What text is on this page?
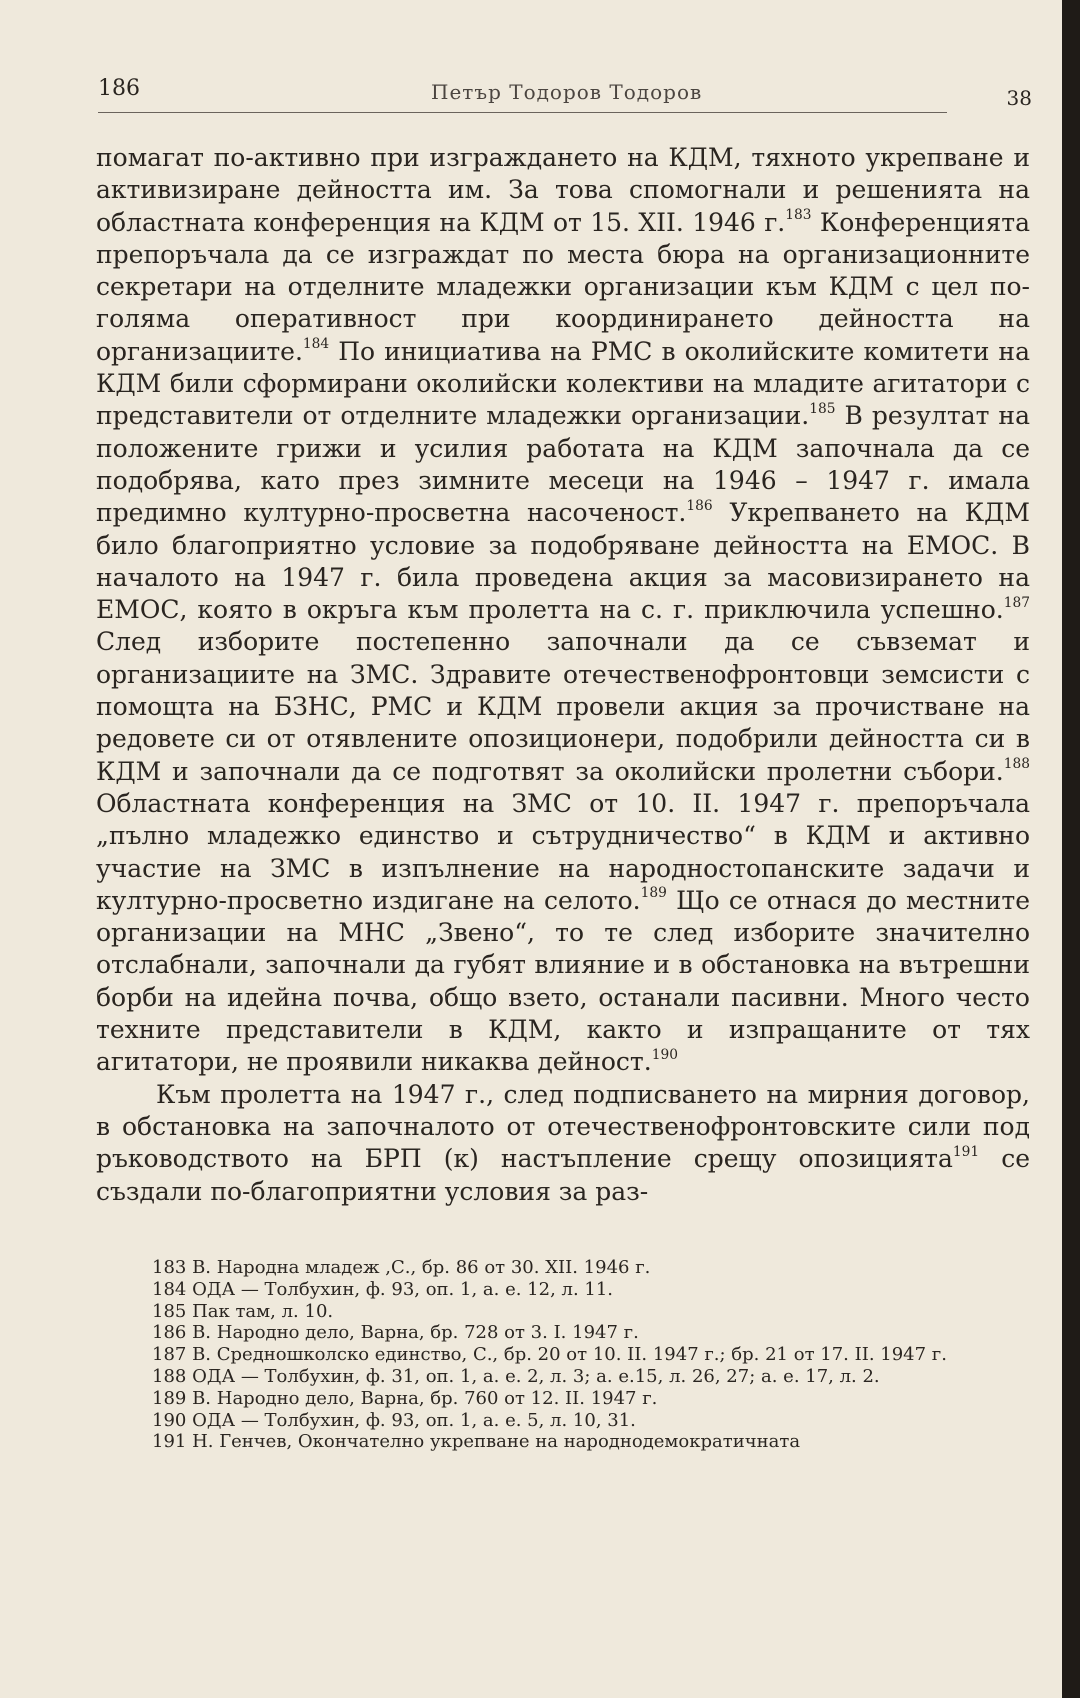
186	Петър Тодоров Тодоров	38

помагат по-активно при изграждането на КДМ, тяхното укрепване и активизиране дейността им. За това спомогнали и решенията на областната конференция на КДМ от 15. XII. 1946 г.$^{183}$ Конференцията препоръчала да се изграждат по места бюра на организационните секретари на отделните младежки организации към КДМ с цел по-голяма оперативност при координирането дейността на организациите.$^{184}$ По инициатива на РМС в околийските комитети на КДМ били сформирани околийски колективи на младите агитатори с представители от отделните младежки организации.$^{185}$ В резултат на положените грижи и усилия работата на КДМ започнала да се подобрява, като през зимните месеци на 1946 – 1947 г. имала предимно културно-просветна насоченост.$^{186}$ Укрепването на КДМ било благоприятно условие за подобряване дейността на ЕМОС. В началото на 1947 г. била проведена акция за масовизирането на ЕМОС, която в окръга към пролетта на с. г. приключила успешно.$^{187}$ След изборите постепенно започнали да се съвземат и организациите на ЗМС. Здравите отечественофронтовци земсисти с помощта на БЗНС, РМС и КДМ провели акция за прочистване на редовете си от отявлените опозиционери, подобрили дейността си в КДМ и започнали да се подготвят за околийски пролетни събори.$^{188}$ Областната конференция на ЗМС от 10. II. 1947 г. препоръчала „пълно младежко единство и сътрудничество“ в КДМ и активно участие на ЗМС в изпълнение на народностопанските задачи и културно-просветно издигане на селото.$^{189}$ Що се отнася до местните организации на МНС „Звено“, то те след изборите значително отслабнали, започнали да губят влияние и в обстановка на вътрешни борби на идейна почва, общо взето, останали пасивни. Много често техните представители в КДМ, както и изпращаните от тях агитатори, не проявили никаква дейност.$^{190}$

Към пролетта на 1947 г., след подписването на мирния договор, в обстановка на започналото от отечественофронтовските сили под ръководството на БРП (к) настъпление срещу опозицията$^{191}$ се създали по-благоприятни условия за раз-

183 В. Народна младеж ,С., бр. 86 от 30. XII. 1946 г.

184 ОДА — Толбухин, ф. 93, оп. 1, а. е. 12, л. 11.

185 Пак там, л. 10.

186 В. Народно дело, Варна, бр. 728 от 3. I. 1947 г.

187 В. Средношколско единство, С., бр. 20 от 10. II. 1947 г.; бр. 21 от 17. II. 1947 г.

188 ОДА — Толбухин, ф. 31, оп. 1, а. е. 2, л. 3; а. е.15, л. 26, 27; а. е. 17, л. 2.

189 В. Народно дело, Варна, бр. 760 от 12. II. 1947 г.

190 ОДА — Толбухин, ф. 93, оп. 1, а. е. 5, л. 10, 31.

191 Н. Генчев, Окончателно укрепване на народнодемократичната
